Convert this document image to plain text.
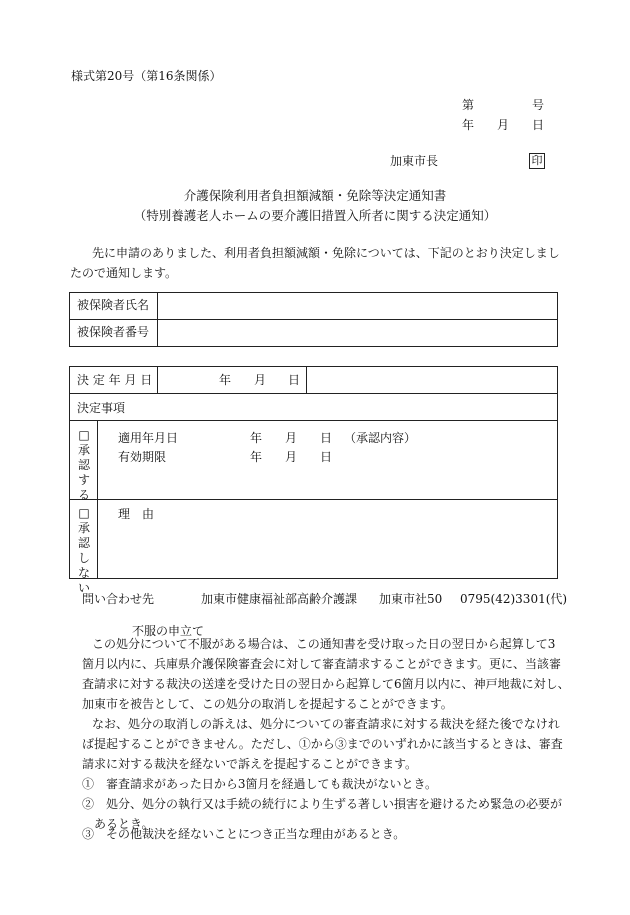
様式第20号（第16条関係）
第	号
年 月 日
加東市長	印
介護保険利用者負担額減額・免除等決定通知書
（特別養護老人ホームの要介護旧措置入所者に関する決定通知）
先に申請のありました、利用者負担額減額・免除については、下記のとおり決定しまし
たので通知します。
被保険者氏名
被保険者番号
決 定 年 月 日	年 月 日
決定事項
□承認する
適用年月日	年 月 日 （承認内容）
有効期限	年 月 日
□承認しない
理　由
問い合わせ先	加東市健康福祉部高齢介護課 加東市社50 0795(42)3301(代)
不服の申立て
この処分について不服がある場合は、この通知書を受け取った日の翌日から起算して3
箇月以内に、兵庫県介護保険審査会に対して審査請求することができます。更に、当該審
査請求に対する裁決の送達を受けた日の翌日から起算して6箇月以内に、神戸地裁に対し、
加東市を被告として、この処分の取消しを提起することができます。
なお、処分の取消しの訴えは、処分についての審査請求に対する裁決を経た後でなけれ
ば提起することができません。ただし、①から③までのいずれかに該当するときは、審査
請求に対する裁決を経ないで訴えを提起することができます。
①　審査請求があった日から3箇月を経過しても裁決がないとき。
②　処分、処分の執行又は手続の続行により生ずる著しい損害を避けるため緊急の必要が
あるとき。
③　その他裁決を経ないことにつき正当な理由があるとき。
